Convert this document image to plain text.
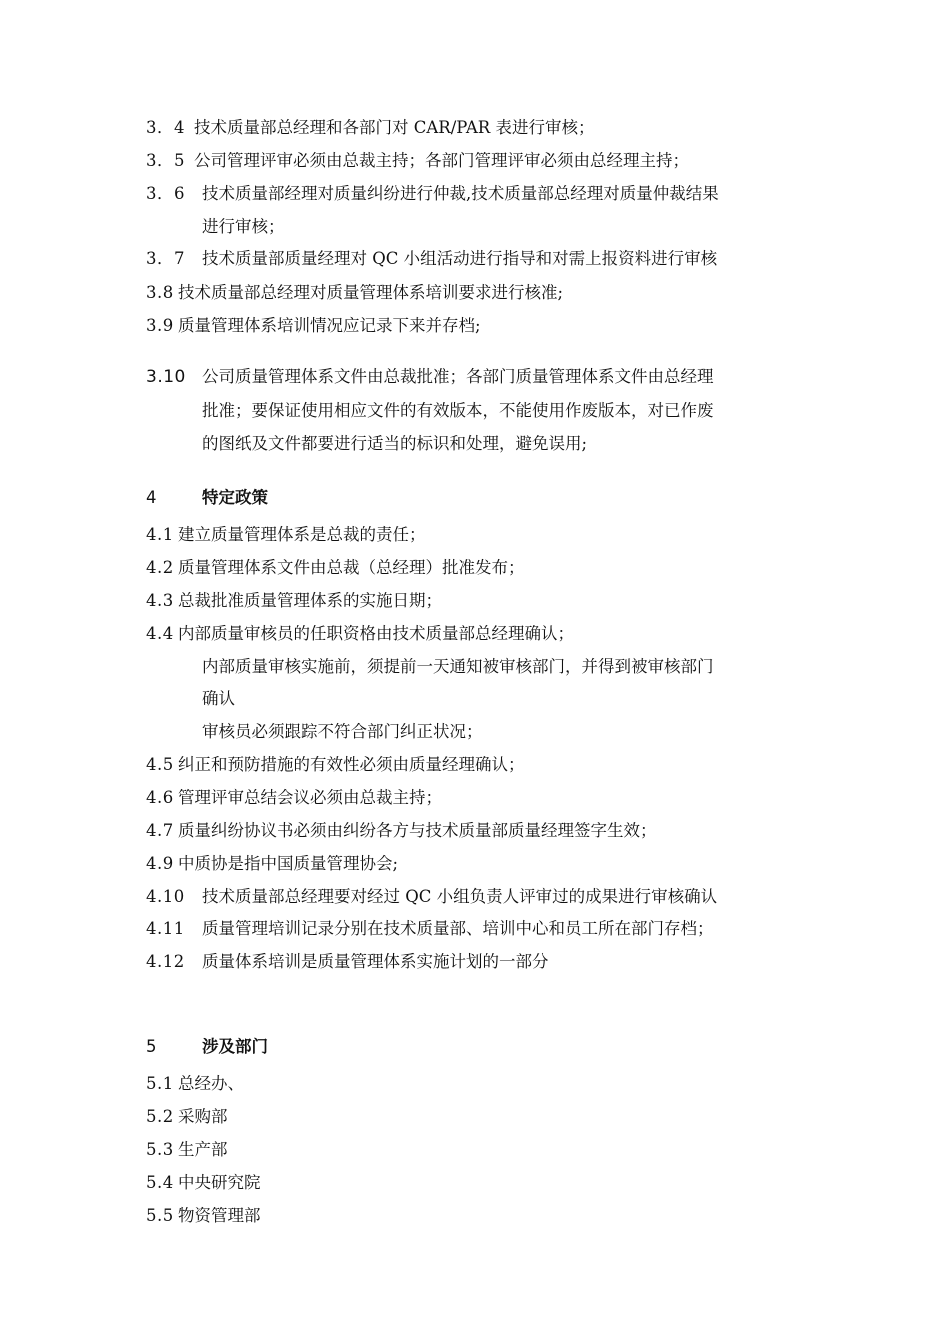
3．4 技术质量部总经理和各部门对 CAR/PAR 表进行审核；
3．5 公司管理评审必须由总裁主持；各部门管理评审必须由总经理主持；
3．6 技术质量部经理对质量纠纷进行仲裁,技术质量部总经理对质量仲裁结果
进行审核；
3．7 技术质量部质量经理对 QC 小组活动进行指导和对需上报资料进行审核
3.8 技术质量部总经理对质量管理体系培训要求进行核准;
3.9 质量管理体系培训情况应记录下来并存档;
3.10 公司质量管理体系文件由总裁批准；各部门质量管理体系文件由总经理
批准；要保证使用相应文件的有效版本，不能使用作废版本，对已作废
的图纸及文件都要进行适当的标识和处理，避免误用;
4	特定政策
4.1 建立质量管理体系是总裁的责任；
4.2 质量管理体系文件由总裁（总经理）批准发布；
4.3 总裁批准质量管理体系的实施日期；
4.4 内部质量审核员的任职资格由技术质量部总经理确认；
内部质量审核实施前，须提前一天通知被审核部门，并得到被审核部门
确认
审核员必须跟踪不符合部门纠正状况；
4.5 纠正和预防措施的有效性必须由质量经理确认；
4.6 管理评审总结会议必须由总裁主持；
4.7 质量纠纷协议书必须由纠纷各方与技术质量部质量经理签字生效；
4.9 中质协是指中国质量管理协会;
4.10 技术质量部总经理要对经过 QC 小组负责人评审过的成果进行审核确认
4.11 质量管理培训记录分别在技术质量部、培训中心和员工所在部门存档；
4.12 质量体系培训是质量管理体系实施计划的一部分
5	涉及部门
5.1 总经办、
5.2 采购部
5.3 生产部
5.4 中央研究院
5.5 物资管理部
